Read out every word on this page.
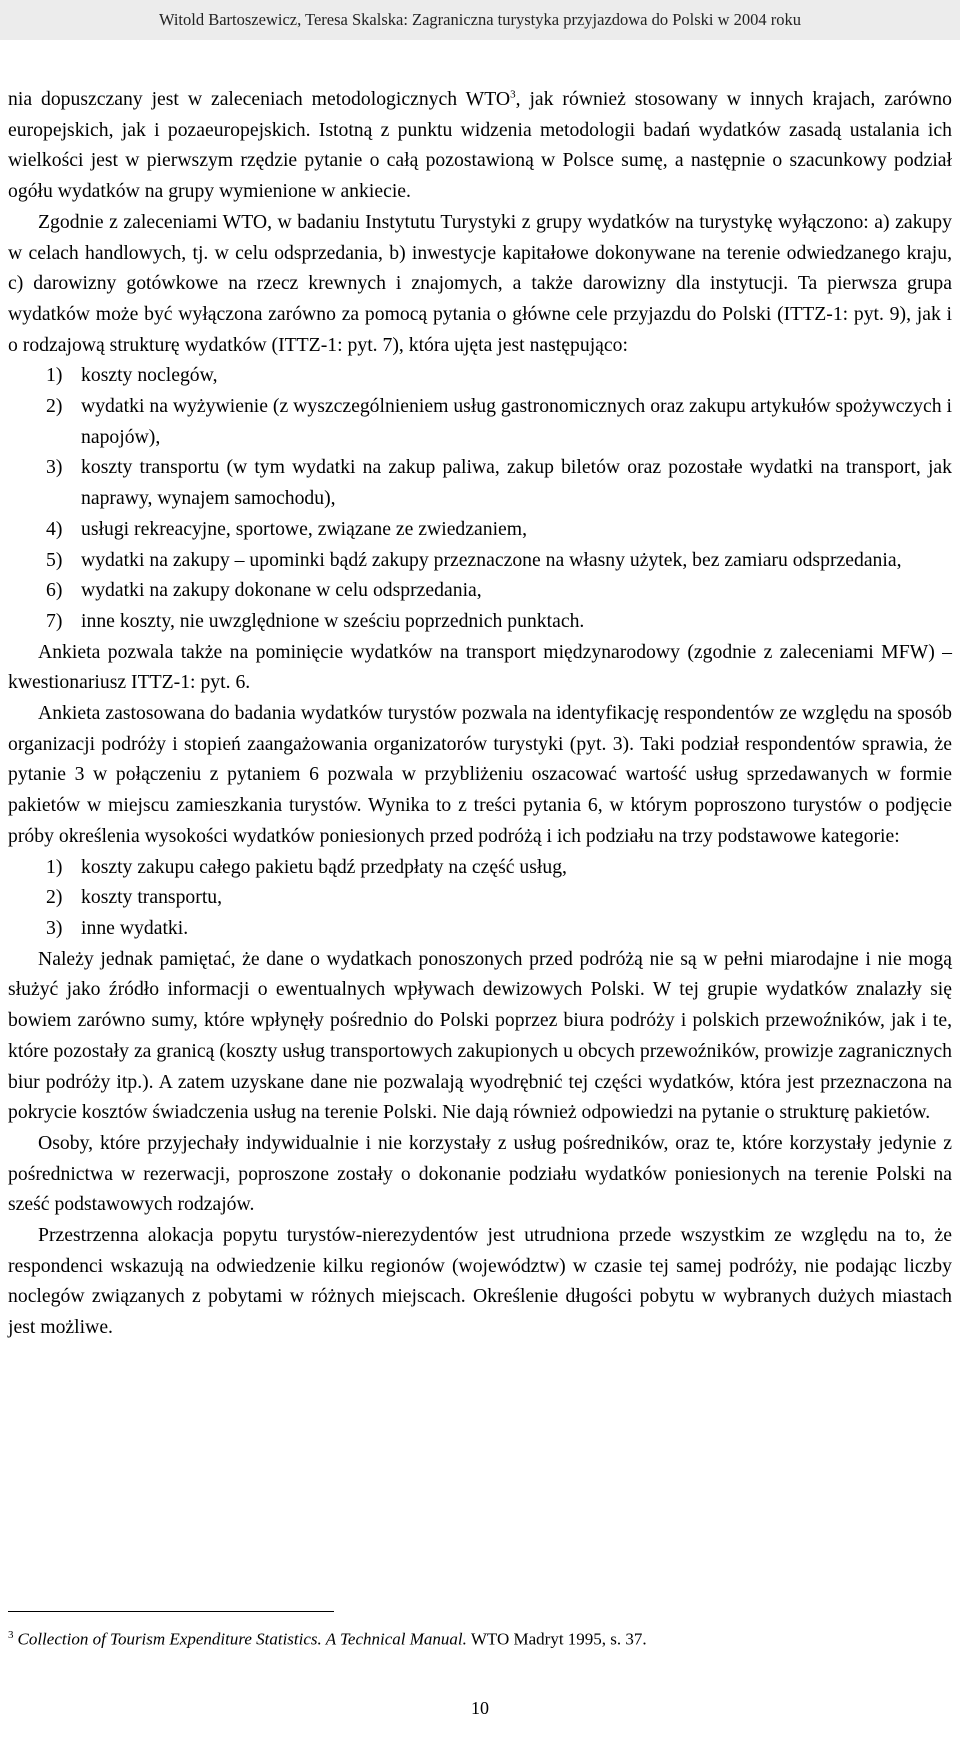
Witold Bartoszewicz, Teresa Skalska: Zagraniczna turystyka przyjazdowa do Polski w 2004 roku

nia dopuszczany jest w zaleceniach metodologicznych WTO$^3$, jak również stosowany w innych krajach, zarówno europejskich, jak i pozaeuropejskich. Istotną z punktu widzenia metodologii badań wydatków zasadą ustalania ich wielkości jest w pierwszym rzędzie pytanie o całą pozostawioną w Polsce sumę, a następnie o szacunkowy podział ogółu wydatków na grupy wymienione w ankiecie.

Zgodnie z zaleceniami WTO, w badaniu Instytutu Turystyki z grupy wydatków na turystykę wyłączono: a) zakupy w celach handlowych, tj. w celu odsprzedania, b) inwestycje kapitałowe dokonywane na terenie odwiedzanego kraju, c) darowizny gotówkowe na rzecz krewnych i znajomych, a także darowizny dla instytucji. Ta pierwsza grupa wydatków może być wyłączona zarówno za pomocą pytania o główne cele przyjazdu do Polski (ITTZ-1: pyt. 9), jak i o rodzajową strukturę wydatków (ITTZ-1: pyt. 7), która ujęta jest następująco:

1) koszty noclegów,
2) wydatki na wyżywienie (z wyszczególnieniem usług gastronomicznych oraz zakupu artykułów spożywczych i napojów),
3) koszty transportu (w tym wydatki na zakup paliwa, zakup biletów oraz pozostałe wydatki na transport, jak naprawy, wynajem samochodu),
4) usługi rekreacyjne, sportowe, związane ze zwiedzaniem,
5) wydatki na zakupy – upominki bądź zakupy przeznaczone na własny użytek, bez zamiaru odsprzedania,
6) wydatki na zakupy dokonane w celu odsprzedania,
7) inne koszty, nie uwzględnione w sześciu poprzednich punktach.

Ankieta pozwala także na pominięcie wydatków na transport międzynarodowy (zgodnie z zaleceniami MFW) – kwestionariusz ITTZ-1: pyt. 6.

Ankieta zastosowana do badania wydatków turystów pozwala na identyfikację respondentów ze względu na sposób organizacji podróży i stopień zaangażowania organizatorów turystyki (pyt. 3). Taki podział respondentów sprawia, że pytanie 3 w połączeniu z pytaniem 6 pozwala w przybliżeniu oszacować wartość usług sprzedawanych w formie pakietów w miejscu zamieszkania turystów. Wynika to z treści pytania 6, w którym poproszono turystów o podjęcie próby określenia wysokości wydatków poniesionych przed podróżą i ich podziału na trzy podstawowe kategorie:

1) koszty zakupu całego pakietu bądź przedpłaty na część usług,
2) koszty transportu,
3) inne wydatki.

Należy jednak pamiętać, że dane o wydatkach ponoszonych przed podróżą nie są w pełni miarodajne i nie mogą służyć jako źródło informacji o ewentualnych wpływach dewizowych Polski. W tej grupie wydatków znalazły się bowiem zarówno sumy, które wpłynęły pośrednio do Polski poprzez biura podróży i polskich przewoźników, jak i te, które pozostały za granicą (koszty usług transportowych zakupionych u obcych przewoźników, prowizje zagranicznych biur podróży itp.). A zatem uzyskane dane nie pozwalają wyodrębnić tej części wydatków, która jest przeznaczona na pokrycie kosztów świadczenia usług na terenie Polski. Nie dają również odpowiedzi na pytanie o strukturę pakietów.

Osoby, które przyjechały indywidualnie i nie korzystały z usług pośredników, oraz te, które korzystały jedynie z pośrednictwa w rezerwacji, poproszone zostały o dokonanie podziału wydatków poniesionych na terenie Polski na sześć podstawowych rodzajów.

Przestrzenna alokacja popytu turystów-nierezydentów jest utrudniona przede wszystkim ze względu na to, że respondenci wskazują na odwiedzenie kilku regionów (województw) w czasie tej samej podróży, nie podając liczby noclegów związanych z pobytami w różnych miejscach. Określenie długości pobytu w wybranych dużych miastach jest możliwe.

$^3$ Collection of Tourism Expenditure Statistics. A Technical Manual. WTO Madryt 1995, s. 37.
10
